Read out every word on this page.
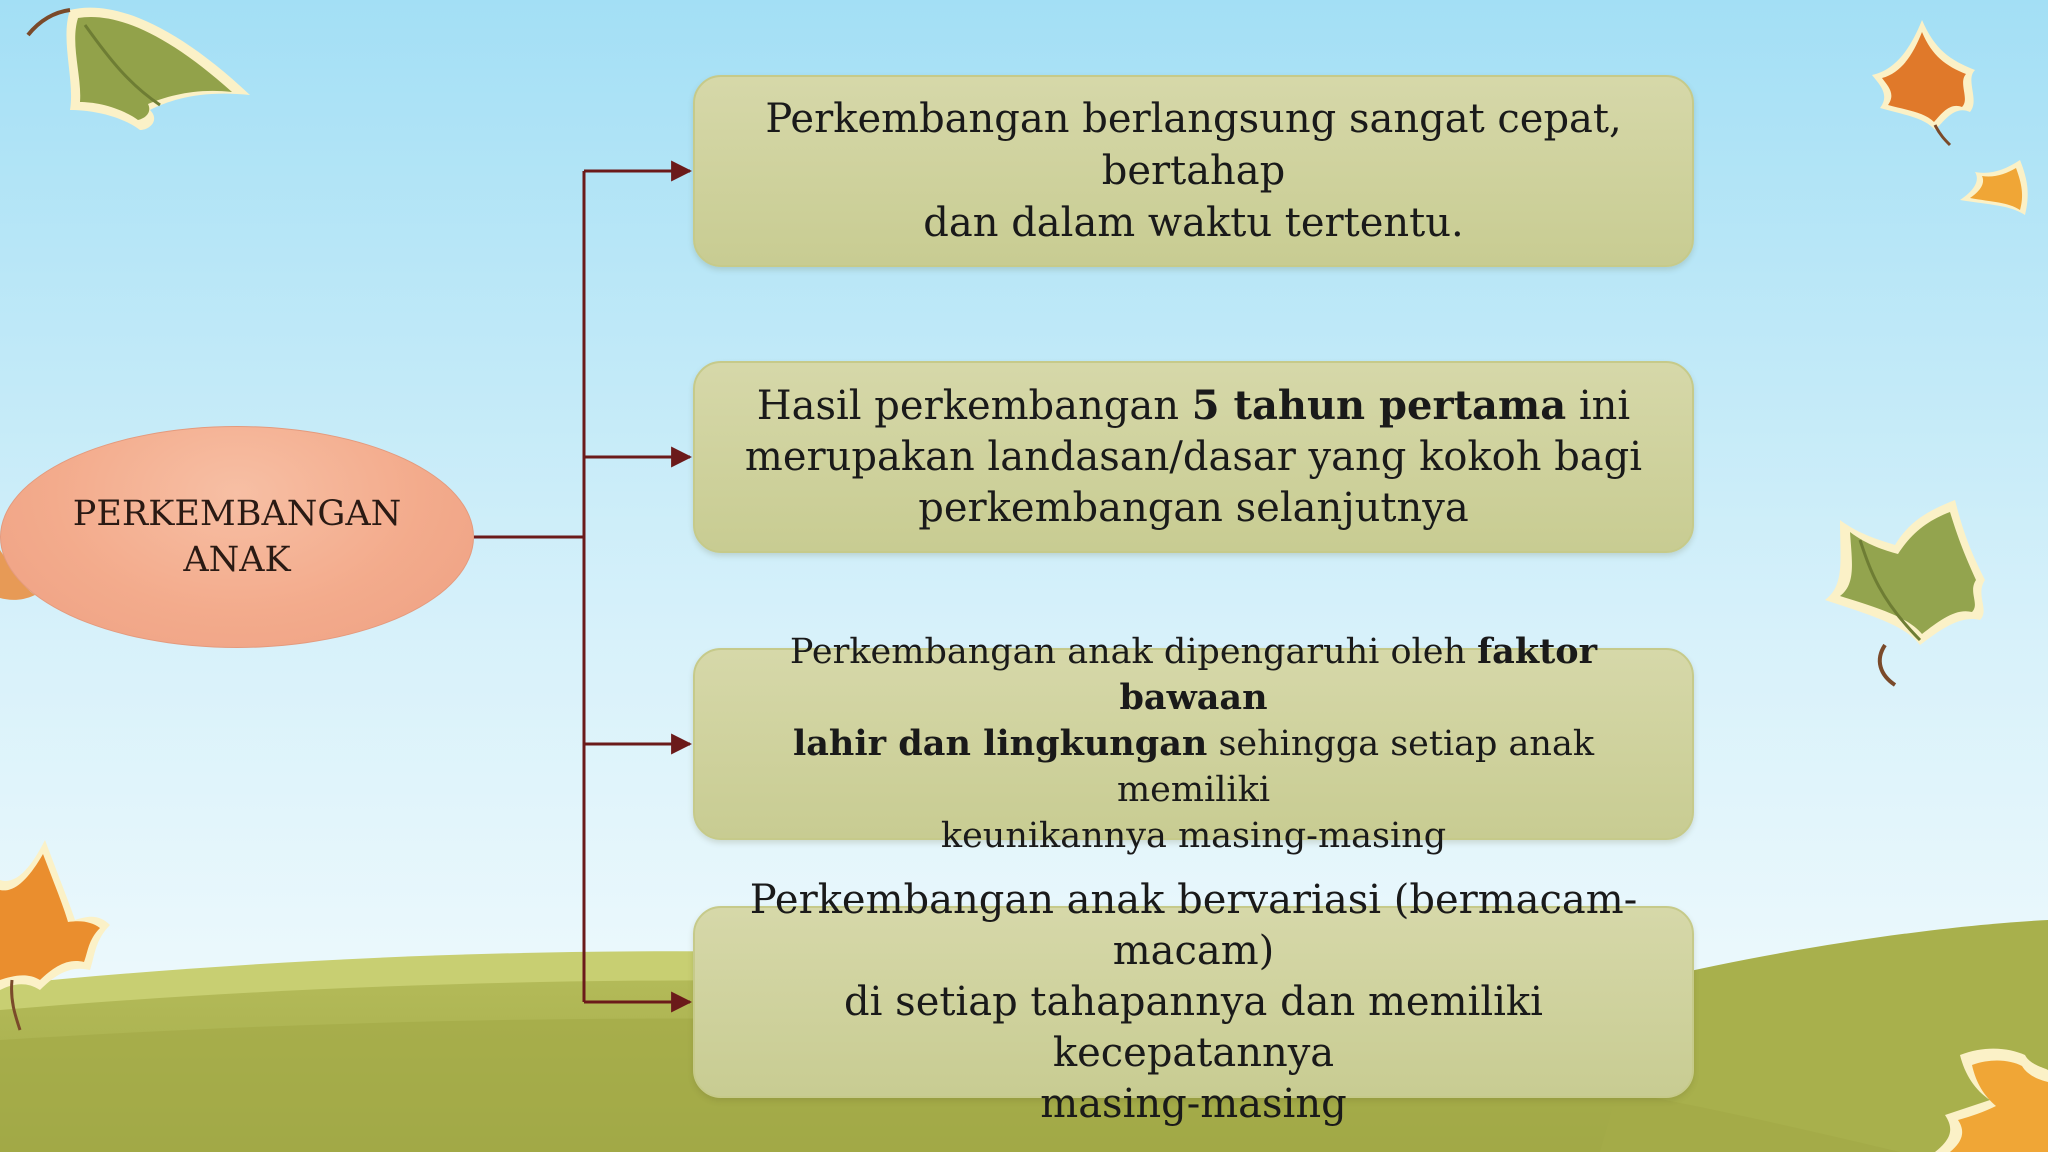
PERKEMBANGAN
ANAK
Perkembangan berlangsung sangat cepat, bertahap
dan dalam waktu tertentu.
Hasil perkembangan 5 tahun pertama ini
merupakan landasan/dasar yang kokoh bagi
perkembangan selanjutnya
Perkembangan anak dipengaruhi oleh faktor bawaan
lahir dan lingkungan sehingga setiap anak memiliki
keunikannya masing-masing
Perkembangan anak bervariasi (bermacam-macam)
di setiap tahapannya dan memiliki kecepatannya
masing-masing
